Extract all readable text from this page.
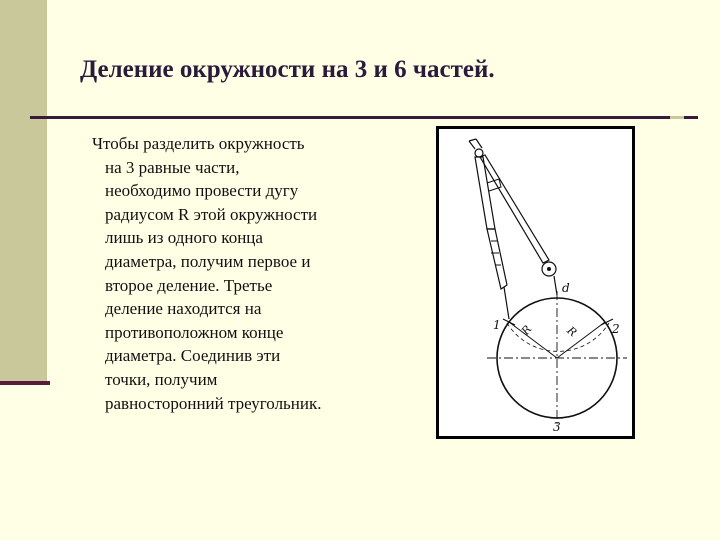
Деление окружности на 3 и 6 частей.
Чтобы разделить окружность
на 3 равные части,
необходимо провести дугу
радиусом R этой окружности
лишь из одного конца
диаметра, получим первое и
второе деление. Третье
деление находится на
противоположном конце
диаметра. Соединив эти
точки, получим
равносторонний треугольник.
d
1	2
3
R	R
